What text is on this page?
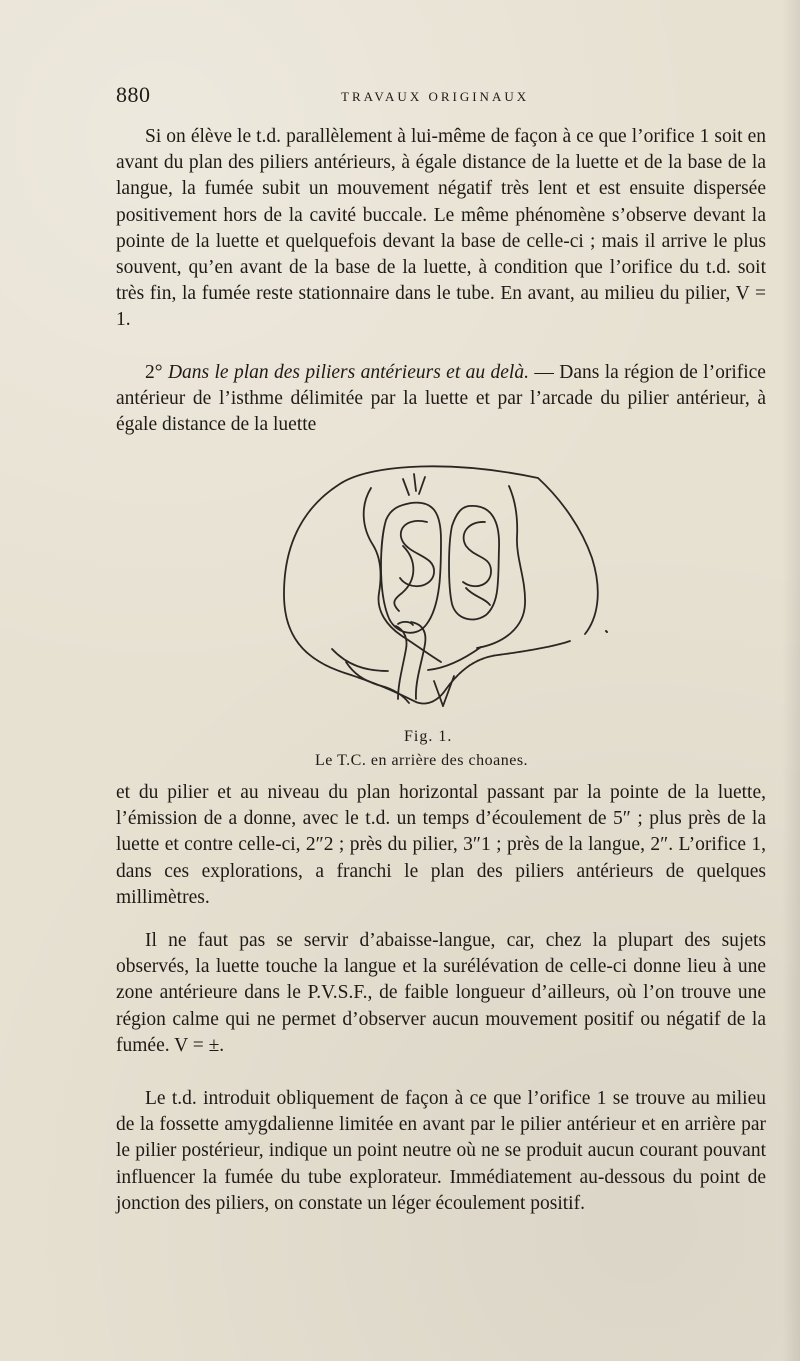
880	TRAVAUX ORIGINAUX

Si on élève le t.d. parallèlement à lui-même de façon à ce que l’orifice 1 soit en avant du plan des piliers antérieurs, à égale distance de la luette et de la base de la langue, la fumée subit un mouvement négatif très lent et est ensuite dispersée positivement hors de la cavité buccale. Le même phénomène s’observe devant la pointe de la luette et quelquefois devant la base de celle-ci ; mais il arrive le plus souvent, qu’en avant de la base de la luette, à condition que l’orifice du t.d. soit très fin, la fumée reste stationnaire dans le tube. En avant, au milieu du pilier, V = 1.

2° Dans le plan des piliers antérieurs et au delà. — Dans la région de l’orifice antérieur de l’isthme délimitée par la luette et par l’arcade du pilier antérieur, à égale distance de la luette

Fig. 1.
Le T.C. en arrière des choanes.

et du pilier et au niveau du plan horizontal passant par la pointe de la luette, l’émission de a donne, avec le t.d. un temps d’écoulement de 5″ ; plus près de la luette et contre celle-ci, 2″2 ; près du pilier, 3″1 ; près de la langue, 2″. L’orifice 1, dans ces explorations, a franchi le plan des piliers antérieurs de quelques millimètres.

Il ne faut pas se servir d’abaisse-langue, car, chez la plupart des sujets observés, la luette touche la langue et la surélévation de celle-ci donne lieu à une zone antérieure dans le P.V.S.F., de faible longueur d’ailleurs, où l’on trouve une région calme qui ne permet d’observer aucun mouvement positif ou négatif de la fumée. V = ±.

Le t.d. introduit obliquement de façon à ce que l’orifice 1 se trouve au milieu de la fossette amygdalienne limitée en avant par le pilier antérieur et en arrière par le pilier postérieur, indique un point neutre où ne se produit aucun courant pouvant influencer la fumée du tube explorateur. Immédiatement au-dessous du point de jonction des piliers, on constate un léger écoulement positif.
